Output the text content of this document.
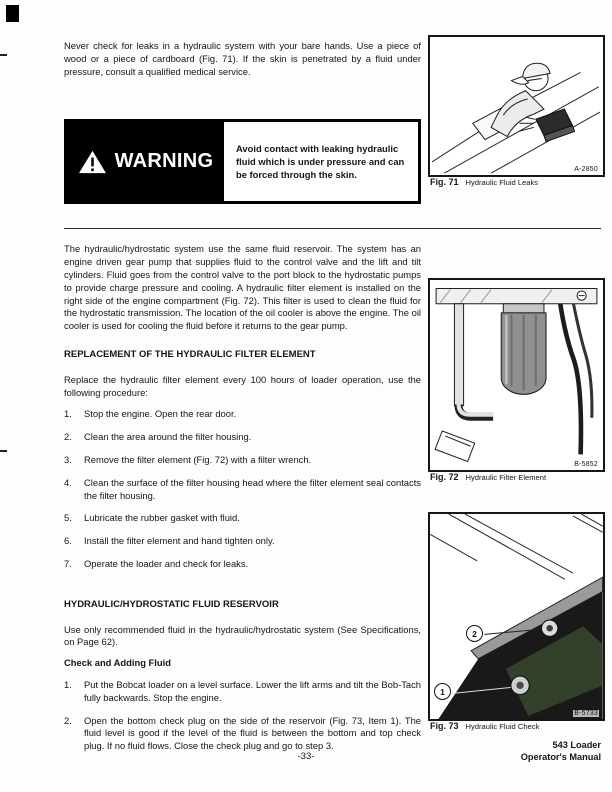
Never check for leaks in a hydraulic system with your bare hands. Use a piece of wood or a piece of cardboard (Fig. 71). If the skin is penetrated by a fluid under pressure, consult a qualified medical service.

WARNING
Avoid contact with leaking hydraulic fluid which is under pressure and can be forced through the skin.

The hydraulic/hydrostatic system use the same fluid reservoir. The system has an engine driven gear pump that supplies fluid to the control valve and the lift and tilt cylinders. Fluid goes from the control valve to the port block to the hydrostatic pumps to provide charge pressure and cooling. A hydraulic filter element is installed on the right side of the engine compartment (Fig. 72). This filter is used to clean the fluid for the hydrostatic transmission. The location of the oil cooler is above the engine. The oil cooler is used for cooling the fluid before it returns to the gear pump.

REPLACEMENT OF THE HYDRAULIC FILTER ELEMENT

Replace the hydraulic filter element every 100 hours of loader operation, use the following procedure:

1.	Stop the engine. Open the rear door.
2.	Clean the area around the filter housing.
3.	Remove the filter element (Fig. 72) with a filter wrench.
4.	Clean the surface of the filter housing head where the filter element seal contacts the filter housing.
5.	Lubricate the rubber gasket with fluid.
6.	Install the filter element and hand tighten only.
7.	Operate the loader and check for leaks.
HYDRAULIC/HYDROSTATIC FLUID RESERVOIR

Use only recommended fluid in the hydraulic/hydrostatic system (See Specifications, on Page 62).

Check and Adding Fluid
1.	Put the Bobcat loader on a level surface. Lower the lift arms and tilt the Bob-Tach fully backwards. Stop the engine.
2.	Open the bottom check plug on the side of the reservoir (Fig. 73, Item 1). The fluid level is good if the level of the fluid is between the bottom and top check plug. If no fluid flows. Close the check plug and go to step 3.
A-2850
Fig. 71 Hydraulic Fluid Leaks
B-5852
Fig. 72 Hydraulic Filter Element
2
1
B-5733
Fig. 73 Hydraulic Fluid Check
-33-
543 Loader
Operator's Manual
